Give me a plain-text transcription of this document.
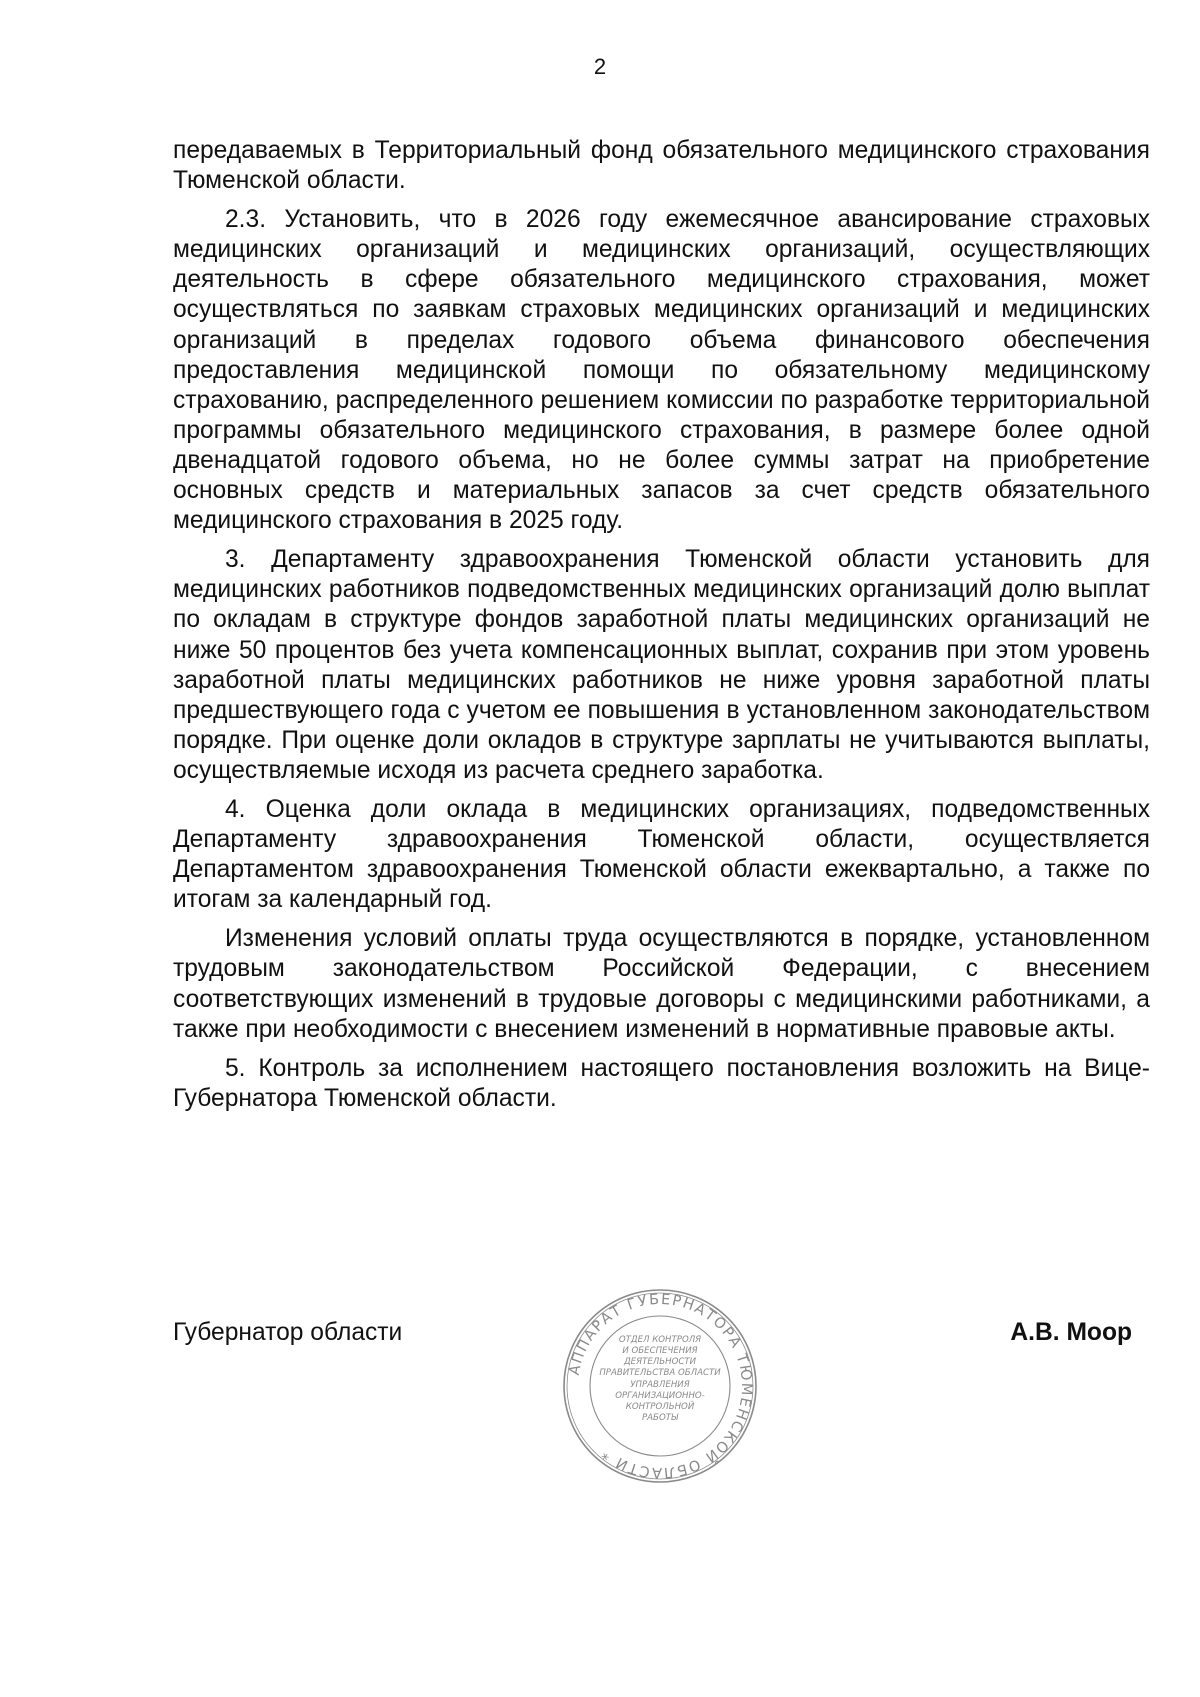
2

передаваемых в Территориальный фонд обязательного медицинского страхования Тюменской области.

2.3. Установить, что в 2026 году ежемесячное авансирование страховых медицинских организаций и медицинских организаций, осуществляющих деятельность в сфере обязательного медицинского страхования, может осуществляться по заявкам страховых медицинских организаций и медицинских организаций в пределах годового объема финансового обеспечения предоставления медицинской помощи по обязательному медицинскому страхованию, распределенного решением комиссии по разработке территориальной программы обязательного медицинского страхования, в размере более одной двенадцатой годового объема, но не более суммы затрат на приобретение основных средств и материальных запасов за счет средств обязательного медицинского страхования в 2025 году.

3. Департаменту здравоохранения Тюменской области установить для медицинских работников подведомственных медицинских организаций долю выплат по окладам в структуре фондов заработной платы медицинских организаций не ниже 50 процентов без учета компенсационных выплат, сохранив при этом уровень заработной платы медицинских работников не ниже уровня заработной платы предшествующего года с учетом ее повышения в установленном законодательством порядке. При оценке доли окладов в структуре зарплаты не учитываются выплаты, осуществляемые исходя из расчета среднего заработка.

4. Оценка доли оклада в медицинских организациях, подведомственных Департаменту здравоохранения Тюменской области, осуществляется Департаментом здравоохранения Тюменской области ежеквартально, а также по итогам за календарный год.

Изменения условий оплаты труда осуществляются в порядке, установленном трудовым законодательством Российской Федерации, с внесением соответствующих изменений в трудовые договоры с медицинскими работниками, а также при необходимости с внесением изменений в нормативные правовые акты.

5. Контроль за исполнением настоящего постановления возложить на Вице-Губернатора Тюменской области.

Губернатор области	А.В. Моор
АППАРАТ ГУБЕРНАТОРА ТЮМЕНСКОЙ ОБЛАСТИ *
ОТДЕЛ КОНТРОЛЯ
И ОБЕСПЕЧЕНИЯ
ДЕЯТЕЛЬНОСТИ
ПРАВИТЕЛЬСТВА ОБЛАСТИ
УПРАВЛЕНИЯ
ОРГАНИЗАЦИОННО-
КОНТРОЛЬНОЙ
РАБОТЫ
